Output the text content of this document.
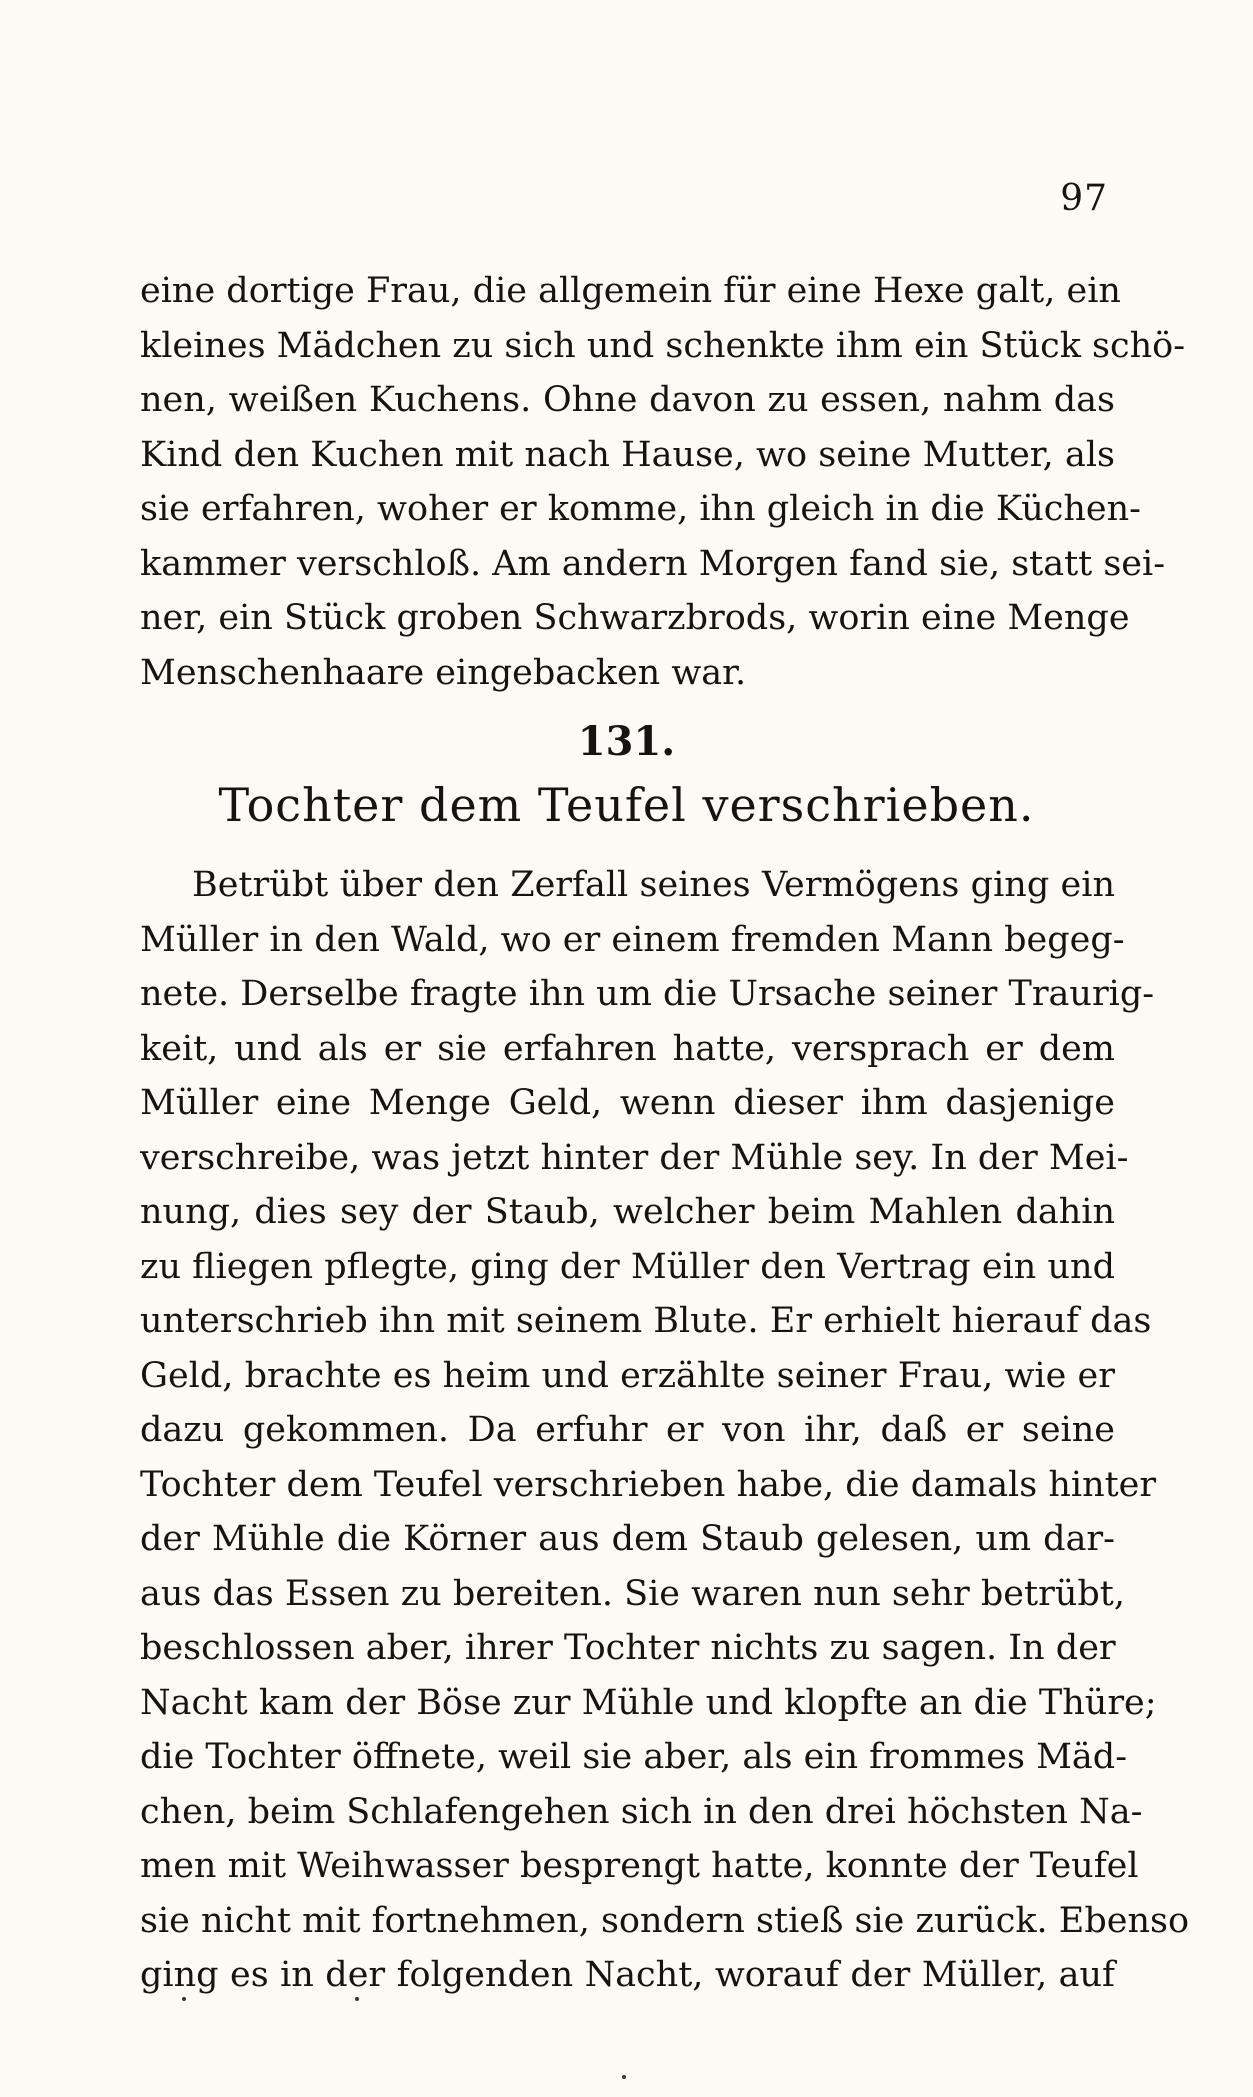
97
eine dortige Frau, die allgemein für eine Hexe galt, ein
kleines Mädchen zu sich und schenkte ihm ein Stück schö-
nen, weißen Kuchens. Ohne davon zu essen, nahm das
Kind den Kuchen mit nach Hause, wo seine Mutter, als
sie erfahren, woher er komme, ihn gleich in die Küchen-
kammer verschloß. Am andern Morgen fand sie, statt sei-
ner, ein Stück groben Schwarzbrods, worin eine Menge
Menschenhaare eingebacken war.
131.
Tochter dem Teufel verschrieben.
Betrübt über den Zerfall seines Vermögens ging ein
Müller in den Wald, wo er einem fremden Mann begeg-
nete. Derselbe fragte ihn um die Ursache seiner Traurig-
keit, und als er sie erfahren hatte, versprach er dem
Müller eine Menge Geld, wenn dieser ihm dasjenige
verschreibe, was jetzt hinter der Mühle sey. In der Mei-
nung, dies sey der Staub, welcher beim Mahlen dahin
zu fliegen pflegte, ging der Müller den Vertrag ein und
unterschrieb ihn mit seinem Blute. Er erhielt hierauf das
Geld, brachte es heim und erzählte seiner Frau, wie er
dazu gekommen. Da erfuhr er von ihr, daß er seine
Tochter dem Teufel verschrieben habe, die damals hinter
der Mühle die Körner aus dem Staub gelesen, um dar-
aus das Essen zu bereiten. Sie waren nun sehr betrübt,
beschlossen aber, ihrer Tochter nichts zu sagen. In der
Nacht kam der Böse zur Mühle und klopfte an die Thüre;
die Tochter öffnete, weil sie aber, als ein frommes Mäd-
chen, beim Schlafengehen sich in den drei höchsten Na-
men mit Weihwasser besprengt hatte, konnte der Teufel
sie nicht mit fortnehmen, sondern stieß sie zurück. Ebenso
ging es in der folgenden Nacht, worauf der Müller, auf
